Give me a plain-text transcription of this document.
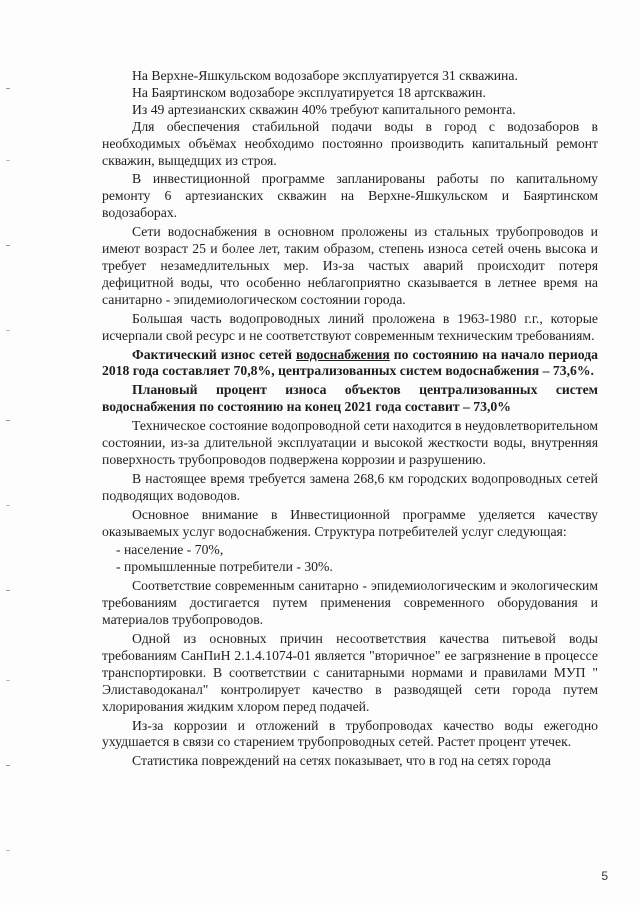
На Верхне-Яшкульском водозаборе эксплуатируется 31 скважина.

На Баяртинском водозаборе эксплуатируется 18 артскважин.

Из 49 артезианских скважин 40% требуют капитального ремонта.

Для обеспечения стабильной подачи воды в город с водозаборов в необходимых объёмах необходимо постоянно производить капитальный ремонт скважин, выщедщих из строя.

В инвестиционной программе запланированы работы по капитальному ремонту 6 артезианских скважин на Верхне-Яшкульском и Баяртинском водозаборах.

Сети водоснабжения в основном проложены из стальных трубопроводов и имеют возраст 25 и более лет, таким образом, степень износа сетей очень высока и требует незамедлительных мер. Из-за частых аварий происходит потеря дефицитной воды, что особенно неблагоприятно сказывается в летнее время на санитарно - эпидемиологическом состоянии города.

Большая часть водопроводных линий проложена в 1963-1980 г.г., которые исчерпали свой ресурс и не соответствуют современным техническим требованиям.

Фактический износ сетей водоснабжения по состоянию на начало периода 2018 года составляет 70,8%, централизованных систем водоснабжения – 73,6%.

Плановый процент износа объектов централизованных систем водоснабжения по состоянию на конец 2021 года составит – 73,0%

Техническое состояние водопроводной сети находится в неудовлетворительном состоянии, из-за длительной эксплуатации и высокой жесткости воды, внутренняя поверхность трубопроводов подвержена коррозии и разрушению.

В настоящее время требуется замена 268,6 км городских водопроводных сетей подводящих водоводов.

Основное внимание в Инвестиционной программе уделяется качеству оказываемых услуг водоснабжения. Структура потребителей услуг следующая:

- население - 70%,

- промышленные потребители - 30%.

Соответствие современным санитарно - эпидемиологическим и экологическим требованиям достигается путем применения современного оборудования и материалов трубопроводов.

Одной из основных причин несоответствия качества питьевой воды требованиям СанПиН 2.1.4.1074-01 является "вторичное" ее загрязнение в процессе транспортировки. В соответствии с санитарными нормами и правилами МУП " Элиставодоканал" контролирует качество в разводящей сети города путем хлорирования жидким хлором перед подачей.

Из-за коррозии и отложений в трубопроводах качество воды ежегодно ухудшается в связи со старением трубопроводных сетей. Растет процент утечек.

Статистика повреждений на сетях показывает, что в год на сетях города

5
